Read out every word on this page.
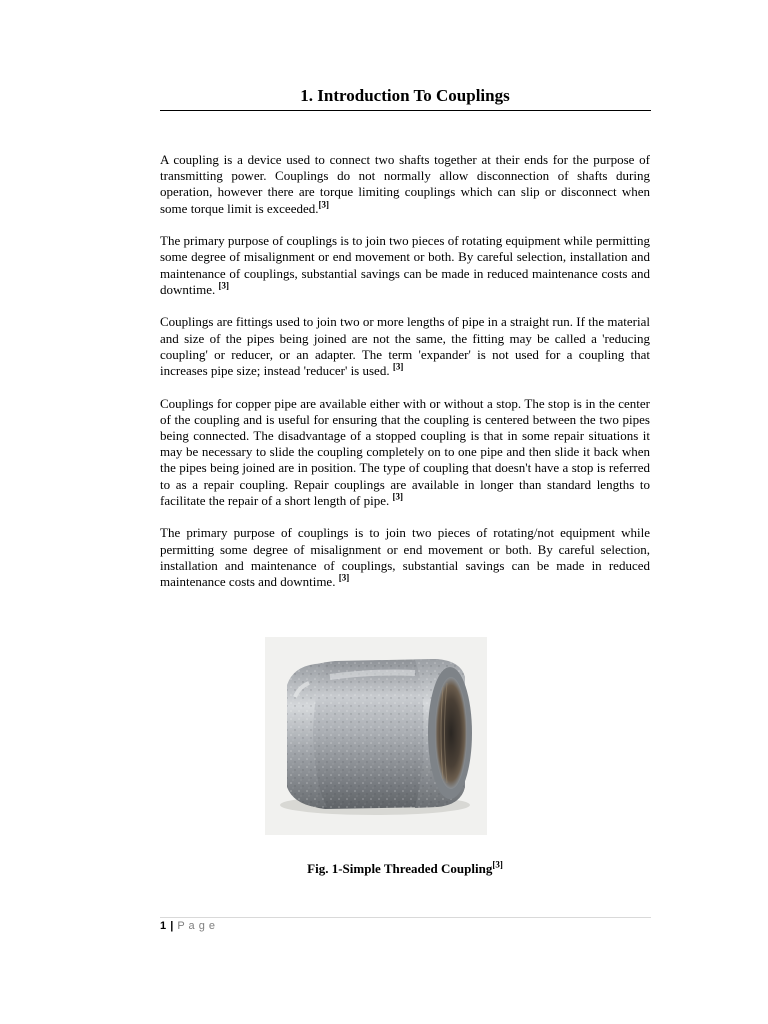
1. Introduction To Couplings

A coupling is a device used to connect two shafts together at their ends for the purpose of transmitting power. Couplings do not normally allow disconnection of shafts during operation, however there are torque limiting couplings which can slip or disconnect when some torque limit is exceeded.[3]

The primary purpose of couplings is to join two pieces of rotating equipment while permitting some degree of misalignment or end movement or both. By careful selection, installation and maintenance of couplings, substantial savings can be made in reduced maintenance costs and downtime. [3]

Couplings are fittings used to join two or more lengths of pipe in a straight run. If the material and size of the pipes being joined are not the same, the fitting may be called a 'reducing coupling' or reducer, or an adapter. The term 'expander' is not used for a coupling that increases pipe size; instead 'reducer' is used. [3]

Couplings for copper pipe are available either with or without a stop. The stop is in the center of the coupling and is useful for ensuring that the coupling is centered between the two pipes being connected. The disadvantage of a stopped coupling is that in some repair situations it may be necessary to slide the coupling completely on to one pipe and then slide it back when the pipes being joined are in position. The type of coupling that doesn't have a stop is referred to as a repair coupling. Repair couplings are available in longer than standard lengths to facilitate the repair of a short length of pipe. [3]

The primary purpose of couplings is to join two pieces of rotating/not equipment while permitting some degree of misalignment or end movement or both. By careful selection, installation and maintenance of couplings, substantial savings can be made in reduced maintenance costs and downtime. [3]

Fig. 1-Simple Threaded Coupling[3]

1 | P a g e
